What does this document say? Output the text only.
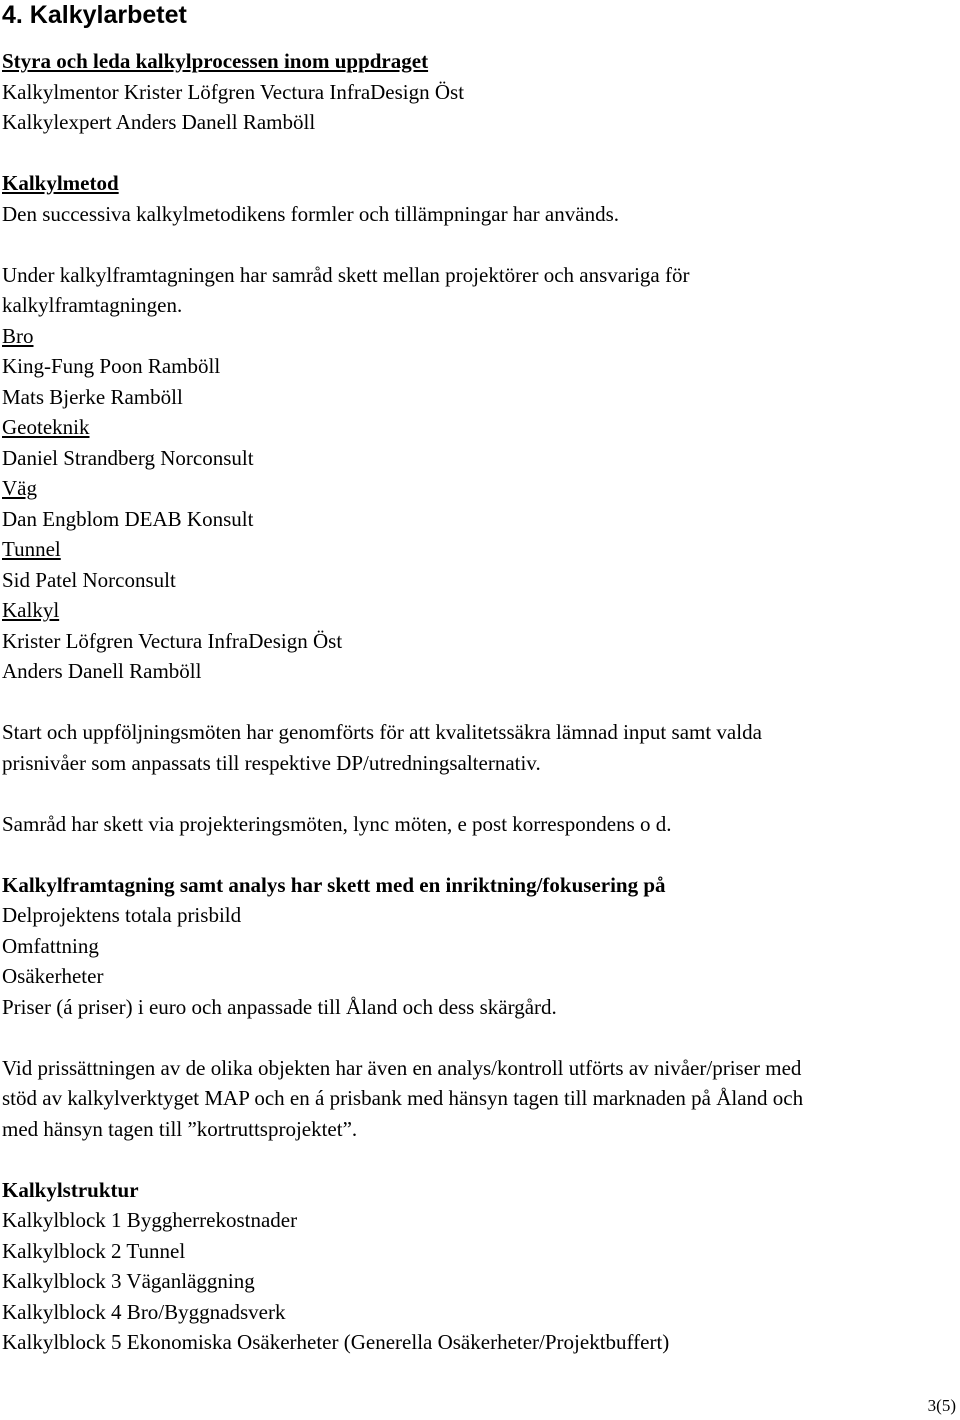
4. Kalkylarbetet
Styra och leda kalkylprocessen inom uppdraget
Kalkylmentor Krister Löfgren Vectura InfraDesign Öst
Kalkylexpert Anders Danell Ramböll
Kalkylmetod
Den successiva kalkylmetodikens formler och tillämpningar har används.
Under kalkylframtagningen har samråd skett mellan projektörer och ansvariga för
kalkylframtagningen.
Bro
King-Fung Poon Ramböll
Mats Bjerke Ramböll
Geoteknik
Daniel Strandberg Norconsult
Väg
Dan Engblom DEAB Konsult
Tunnel
Sid Patel Norconsult
Kalkyl
Krister Löfgren Vectura InfraDesign Öst
Anders Danell Ramböll
Start och uppföljningsmöten har genomförts för att kvalitetssäkra lämnad input samt valda
prisnivåer som anpassats till respektive DP/utredningsalternativ.
Samråd har skett via projekteringsmöten, lync möten, e post korrespondens o d.
Kalkylframtagning samt analys har skett med en inriktning/fokusering på
Delprojektens totala prisbild
Omfattning
Osäkerheter
Priser (á priser) i euro och anpassade till Åland och dess skärgård.
Vid prissättningen av de olika objekten har även en analys/kontroll utförts av nivåer/priser med
stöd av kalkylverktyget MAP och en á prisbank med hänsyn tagen till marknaden på Åland och
med hänsyn tagen till ”kortruttsprojektet”.
Kalkylstruktur
Kalkylblock 1 Byggherrekostnader
Kalkylblock 2 Tunnel
Kalkylblock 3 Väganläggning
Kalkylblock 4 Bro/Byggnadsverk
Kalkylblock 5 Ekonomiska Osäkerheter (Generella Osäkerheter/Projektbuffert)
3(5)
